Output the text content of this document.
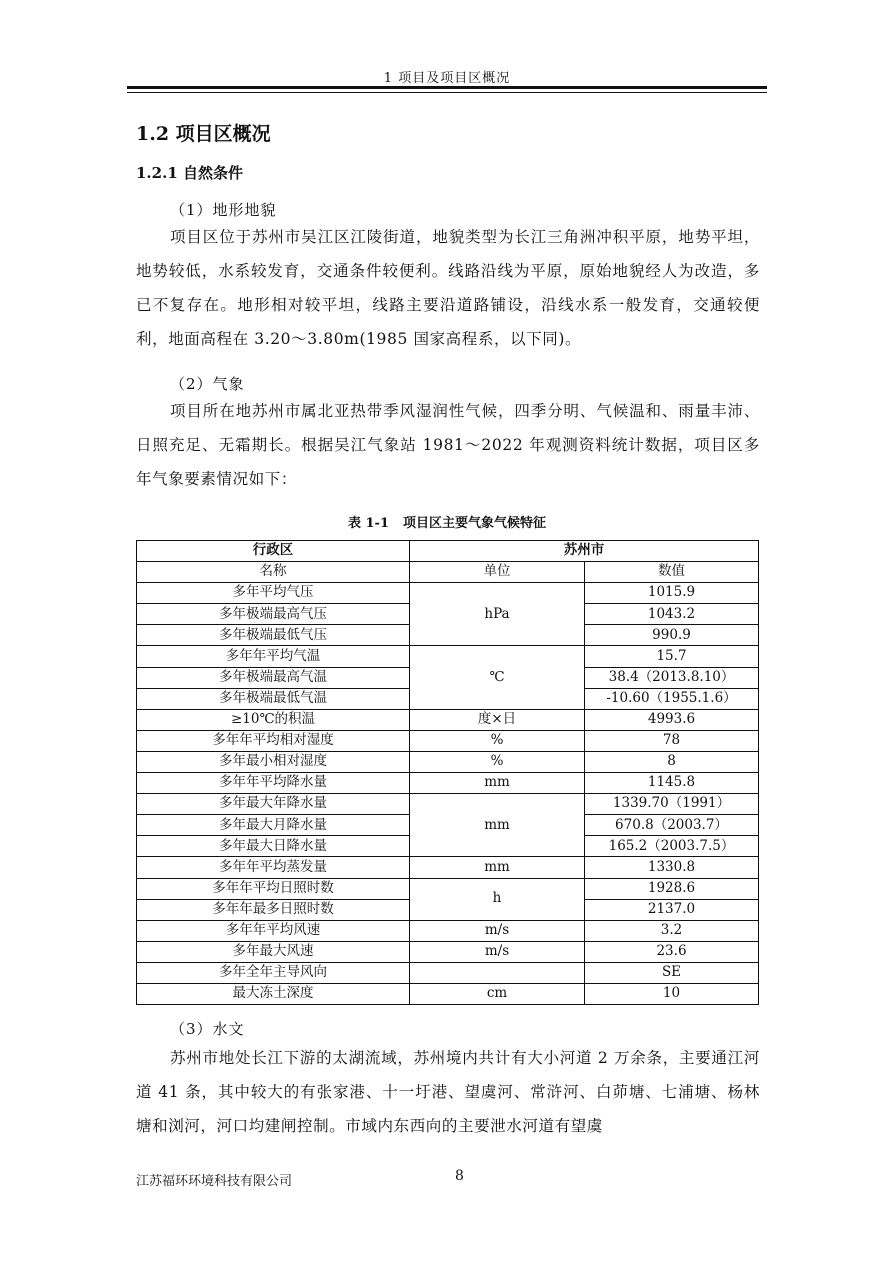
1 项目及项目区概况
1.2 项目区概况
1.2.1 自然条件
（1）地形地貌

项目区位于苏州市吴江区江陵街道，地貌类型为长江三角洲冲积平原，地势平坦，地势较低，水系较发育，交通条件较便利。线路沿线为平原，原始地貌经人为改造，多已不复存在。地形相对较平坦，线路主要沿道路铺设，沿线水系一般发育，交通较便利，地面高程在 3.20～3.80m(1985 国家高程系，以下同)。

（2）气象

项目所在地苏州市属北亚热带季风湿润性气候，四季分明、气候温和、雨量丰沛、日照充足、无霜期长。根据吴江气象站 1981～2022 年观测资料统计数据，项目区多年气象要素情况如下：

表 1-1 项目区主要气象气候特征
行政区	苏州市	
名称	单位	数值
多年平均气压	hPa	1015.9
多年极端最高气压		1043.2
多年极端最低气压		990.9
多年年平均气温	℃	15.7
多年极端最高气温		38.4（2013.8.10）
多年极端最低气温		-10.60（1955.1.6）
≥10℃的积温	度×日	4993.6
多年年平均相对湿度	%	78
多年最小相对湿度	%	8
多年年平均降水量	mm	1145.8
多年最大年降水量	mm	1339.70（1991）
多年最大月降水量		670.8（2003.7）
多年最大日降水量		165.2（2003.7.5）
多年年平均蒸发量	mm	1330.8
多年年平均日照时数	h	1928.6
多年年最多日照时数		2137.0
多年年平均风速	m/s	3.2
多年最大风速	m/s	23.6
多年全年主导风向		SE
最大冻土深度	cm	10
（3）水文

苏州市地处长江下游的太湖流域，苏州境内共计有大小河道 2 万余条，主要通江河道 41 条，其中较大的有张家港、十一圩港、望虞河、常浒河、白茆塘、七浦塘、杨林塘和浏河，河口均建闸控制。市域内东西向的主要泄水河道有望虞

江苏福环环境科技有限公司	8
